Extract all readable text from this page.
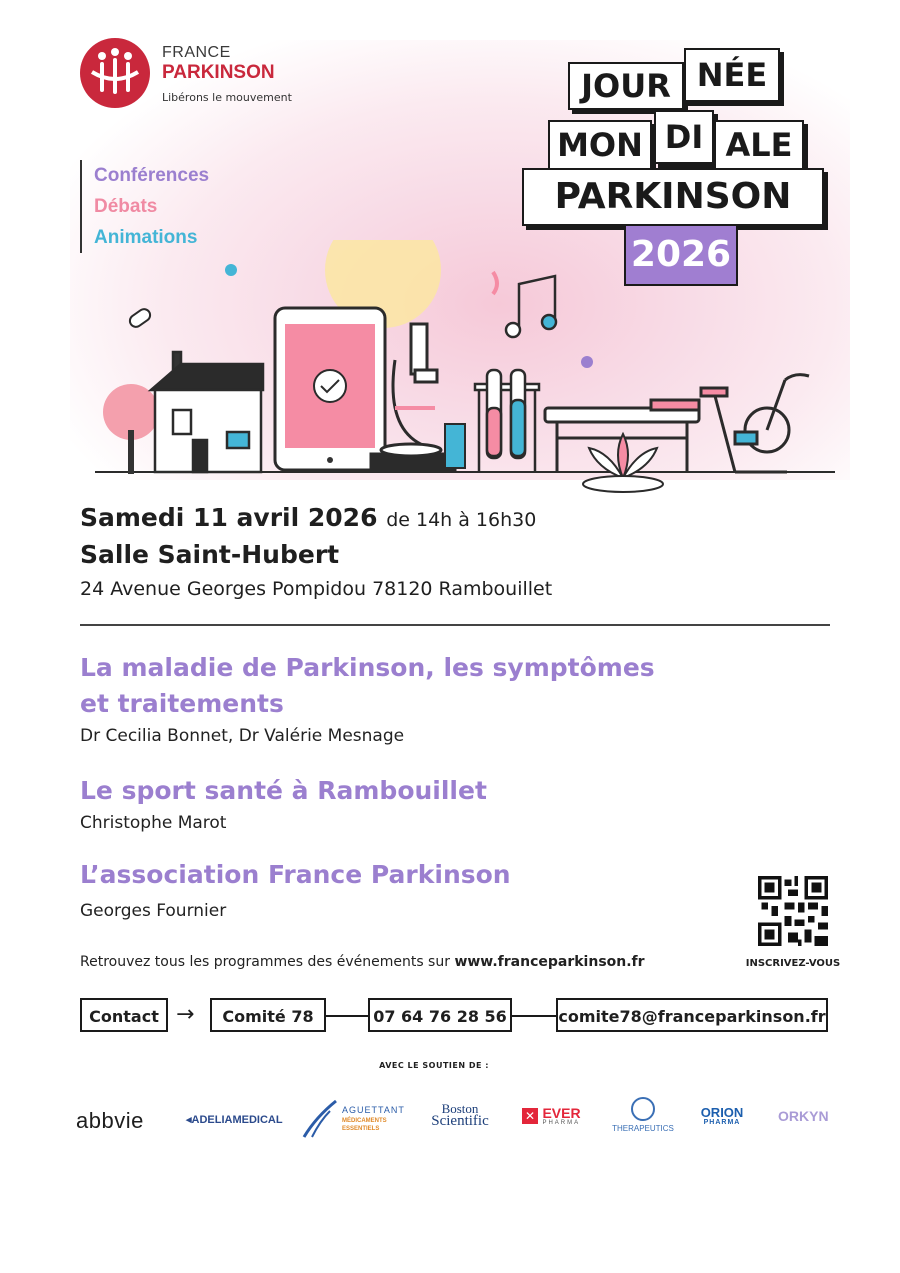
FRANCE
PARKINSON
Libérons le mouvement
Conférences
Débats
Animations
JOUR NÉE
MON DI ALE
PARKINSON
2026
Samedi 11 avril 2026 de 14h à 16h30
Salle Saint-Hubert
24 Avenue Georges Pompidou 78120 Rambouillet
La maladie de Parkinson, les symptômes
et traitements
Dr Cecilia Bonnet, Dr Valérie Mesnage
Le sport santé à Rambouillet
Christophe Marot
L’association France Parkinson
Georges Fournier
INSCRIVEZ-VOUS
Retrouvez tous les programmes des événements sur www.franceparkinson.fr
Contact →	Comité 78	07 64 76 28 56	comite78@franceparkinson.fr
AVEC LE SOUTIEN DE :
abbvie	◂ADELIAMEDICAL
AGUETTANT
MÉDICAMENTS ESSENTIELS
Boston
Scientific	✕ EVER
PHARMA
THERAPEUTICS
ORION
PHARMA	ORKYN
